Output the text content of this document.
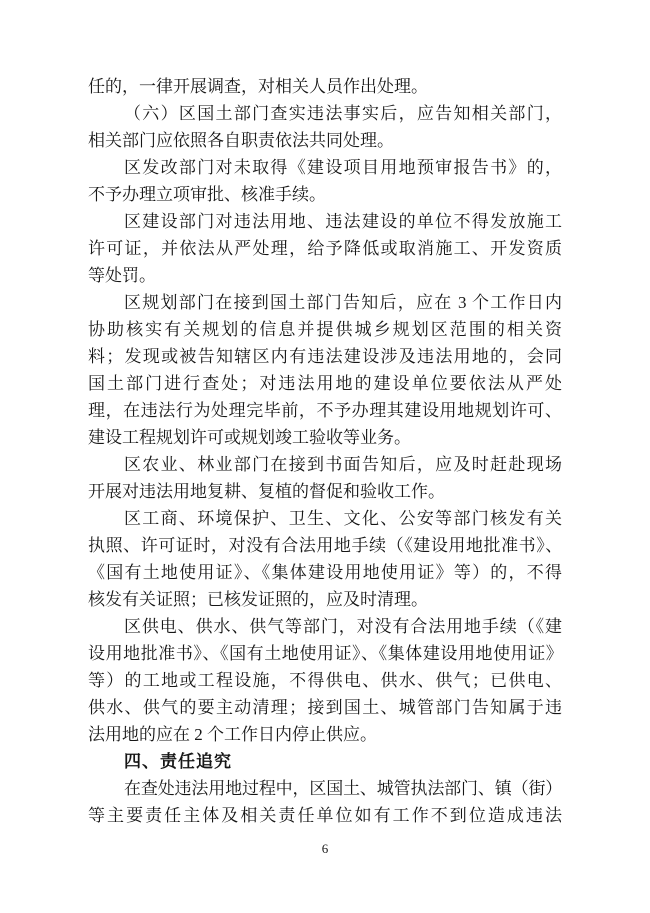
任的，一律开展调查，对相关人员作出处理。
（六）区国土部门查实违法事实后，应告知相关部门，
相关部门应依照各自职责依法共同处理。
区发改部门对未取得《建设项目用地预审报告书》的，
不予办理立项审批、核准手续。
区建设部门对违法用地、违法建设的单位不得发放施工
许可证，并依法从严处理，给予降低或取消施工、开发资质
等处罚。
区规划部门在接到国土部门告知后，应在 3 个工作日内
协助核实有关规划的信息并提供城乡规划区范围的相关资
料；发现或被告知辖区内有违法建设涉及违法用地的，会同
国土部门进行查处；对违法用地的建设单位要依法从严处
理，在违法行为处理完毕前，不予办理其建设用地规划许可、
建设工程规划许可或规划竣工验收等业务。
区农业、林业部门在接到书面告知后，应及时赶赴现场
开展对违法用地复耕、复植的督促和验收工作。
区工商、环境保护、卫生、文化、公安等部门核发有关
执照、许可证时，对没有合法用地手续（《建设用地批准书》、
《国有土地使用证》、《集体建设用地使用证》等）的，不得
核发有关证照；已核发证照的，应及时清理。
区供电、供水、供气等部门，对没有合法用地手续（《建
设用地批准书》、《国有土地使用证》、《集体建设用地使用证》
等）的工地或工程设施，不得供电、供水、供气；已供电、
供水、供气的要主动清理；接到国土、城管部门告知属于违
法用地的应在 2 个工作日内停止供应。
四、责任追究
在查处违法用地过程中，区国土、城管执法部门、镇（街）
等主要责任主体及相关责任单位如有工作不到位造成违法
6
